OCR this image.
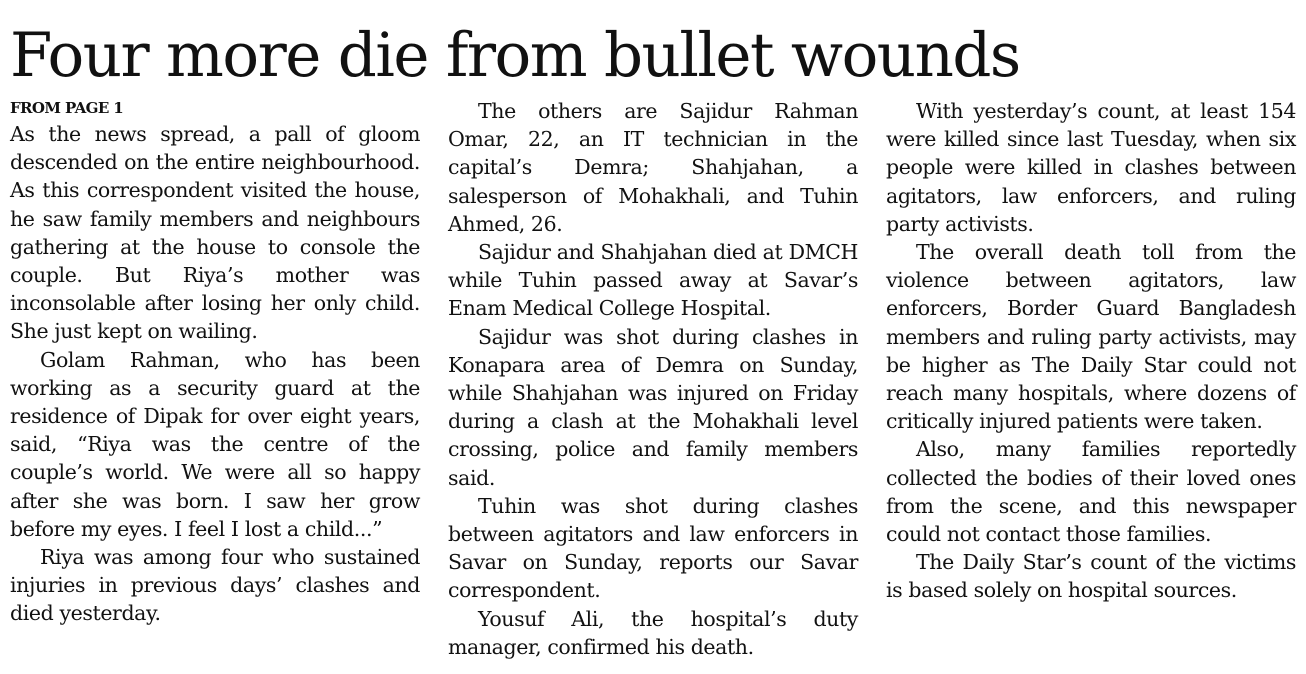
Four more die from bullet wounds
FROM PAGE 1

As the news spread, a pall of gloom descended on the entire neighbourhood. As this correspondent visited the house, he saw family members and neighbours gathering at the house to console the couple. But Riya’s mother was inconsolable after losing her only child. She just kept on wailing.

Golam Rahman, who has been working as a security guard at the residence of Dipak for over eight years, said, “Riya was the centre of the couple’s world. We were all so happy after she was born. I saw her grow before my eyes. I feel I lost a child...”

Riya was among four who sustained injuries in previous days’ clashes and died yesterday.

The others are Sajidur Rahman Omar, 22, an IT technician in the capital’s Demra; Shahjahan, a salesperson of Mohakhali, and Tuhin Ahmed, 26.

Sajidur and Shahjahan died at DMCH while Tuhin passed away at Savar’s Enam Medical College Hospital.

Sajidur was shot during clashes in Konapara area of Demra on Sunday, while Shahjahan was injured on Friday during a clash at the Mohakhali level crossing, police and family members said.

Tuhin was shot during clashes between agitators and law enforcers in Savar on Sunday, reports our Savar correspondent.

Yousuf Ali, the hospital’s duty manager, confirmed his death.

With yesterday’s count, at least 154 were killed since last Tuesday, when six people were killed in clashes between agitators, law enforcers, and ruling party activists.

The overall death toll from the violence between agitators, law enforcers, Border Guard Bangladesh members and ruling party activists, may be higher as The Daily Star could not reach many hospitals, where dozens of critically injured patients were taken.

Also, many families reportedly collected the bodies of their loved ones from the scene, and this newspaper could not contact those families.

The Daily Star’s count of the victims is based solely on hospital sources.
